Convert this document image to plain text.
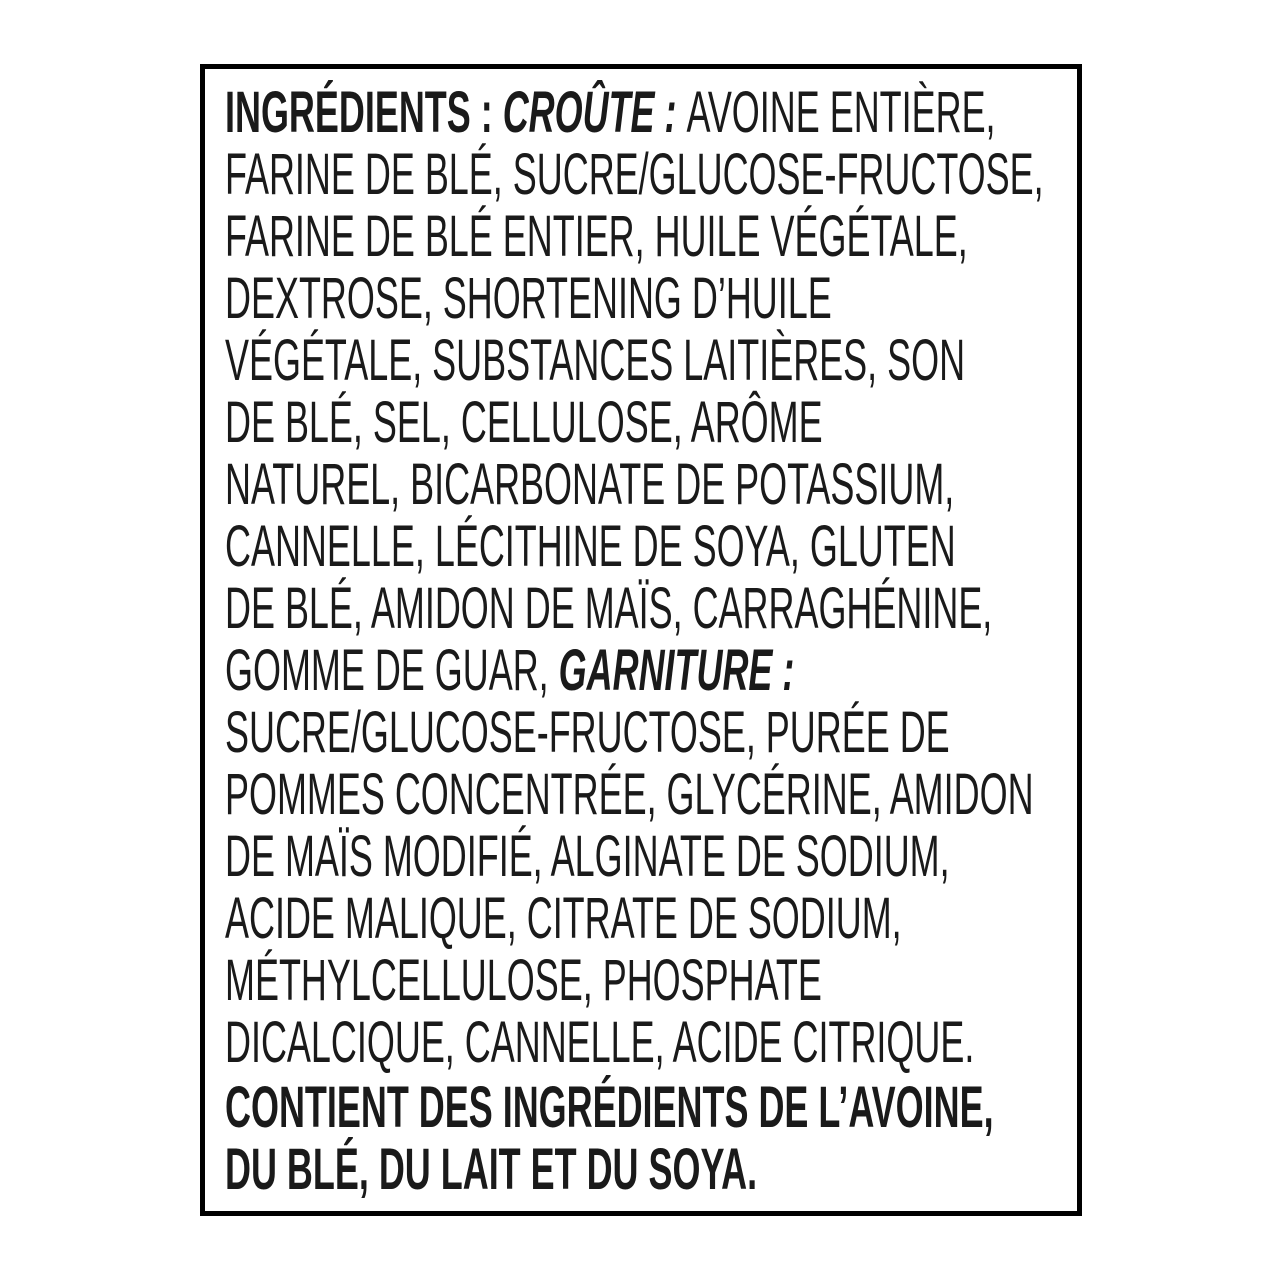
INGRÉDIENTS : CROÛTE : AVOINE ENTIÈRE,
FARINE DE BLÉ, SUCRE/GLUCOSE-FRUCTOSE,
FARINE DE BLÉ ENTIER, HUILE VÉGÉTALE,
DEXTROSE, SHORTENING D’HUILE
VÉGÉTALE, SUBSTANCES LAITIÈRES, SON
DE BLÉ, SEL, CELLULOSE, ARÔME
NATUREL, BICARBONATE DE POTASSIUM,
CANNELLE, LÉCITHINE DE SOYA, GLUTEN
DE BLÉ, AMIDON DE MAÏS, CARRAGHÉNINE,
GOMME DE GUAR, GARNITURE :
SUCRE/GLUCOSE-FRUCTOSE, PURÉE DE
POMMES CONCENTRÉE, GLYCÉRINE, AMIDON
DE MAÏS MODIFIÉ, ALGINATE DE SODIUM,
ACIDE MALIQUE, CITRATE DE SODIUM,
MÉTHYLCELLULOSE, PHOSPHATE
DICALCIQUE, CANNELLE, ACIDE CITRIQUE.
CONTIENT DES INGRÉDIENTS DE L’AVOINE,
DU BLÉ, DU LAIT ET DU SOYA.
